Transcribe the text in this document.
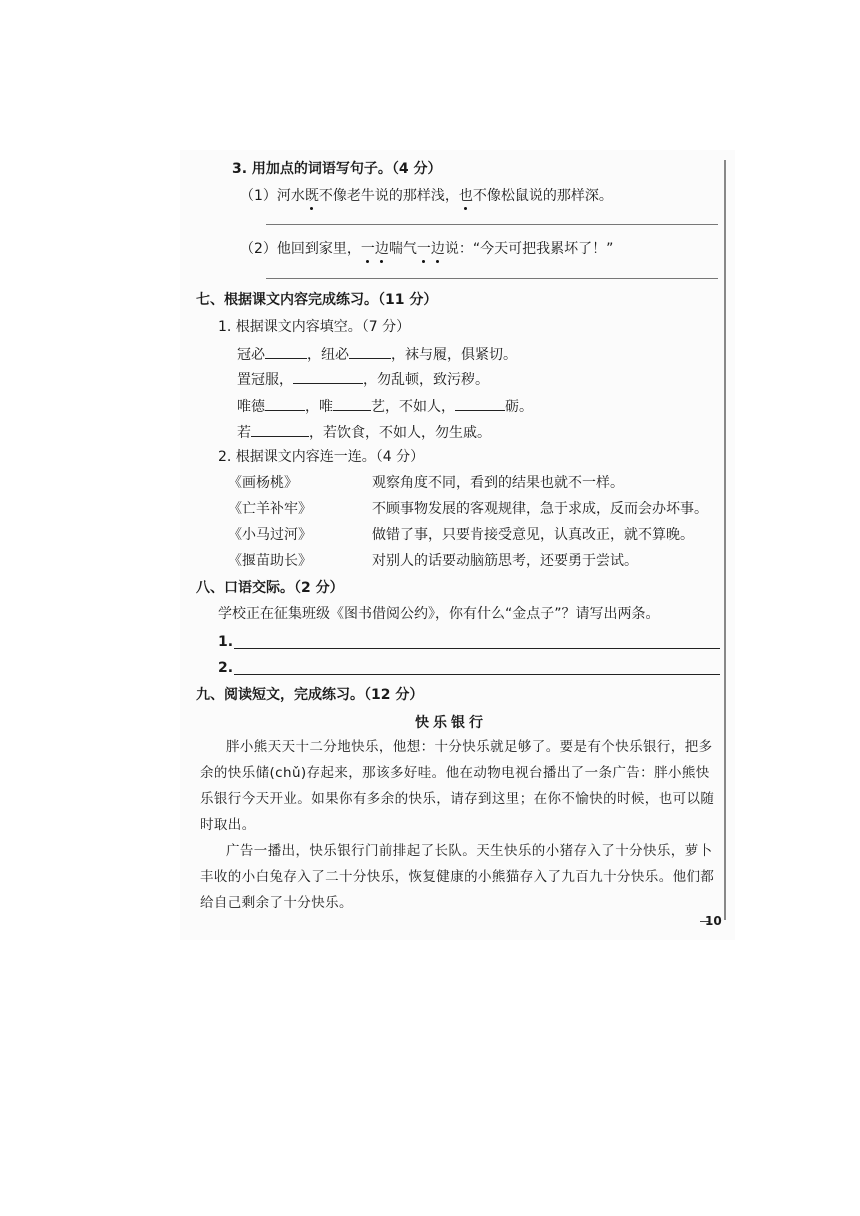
3. 用加点的词语写句子。（4 分）
（1）河水既不像老牛说的那样浅，也不像松鼠说的那样深。
（2）他回到家里，一边喘气一边说：“今天可把我累坏了！”
七、根据课文内容完成练习。（11 分）
1. 根据课文内容填空。（7 分）
冠必	，纽必	，袜与履，俱紧切。
置冠服，	，勿乱顿，致污秽。
唯德	，唯	艺，不如人，	砺。
若	，若饮食，不如人，勿生戚。
2. 根据课文内容连一连。（4 分）
《画杨桃》	观察角度不同，看到的结果也就不一样。
《亡羊补牢》	不顾事物发展的客观规律，急于求成，反而会办坏事。
《小马过河》	做错了事，只要肯接受意见，认真改正，就不算晚。
《揠苗助长》	对别人的话要动脑筋思考，还要勇于尝试。
八、口语交际。（2 分）
学校正在征集班级《图书借阅公约》，你有什么“金点子”？请写出两条。
1.
2.
九、阅读短文，完成练习。（12 分）
快乐银行
胖小熊天天十二分地快乐，他想：十分快乐就足够了。要是有个快乐银行，把多余的快乐储(chǔ)存起来，那该多好哇。他在动物电视台播出了一条广告：胖小熊快乐银行今天开业。如果你有多余的快乐，请存到这里；在你不愉快的时候，也可以随时取出。
广告一播出，快乐银行门前排起了长队。天生快乐的小猪存入了十分快乐，萝卜丰收的小白兔存入了二十分快乐，恢复健康的小熊猫存入了九百九十分快乐。他们都给自己剩余了十分快乐。
10
